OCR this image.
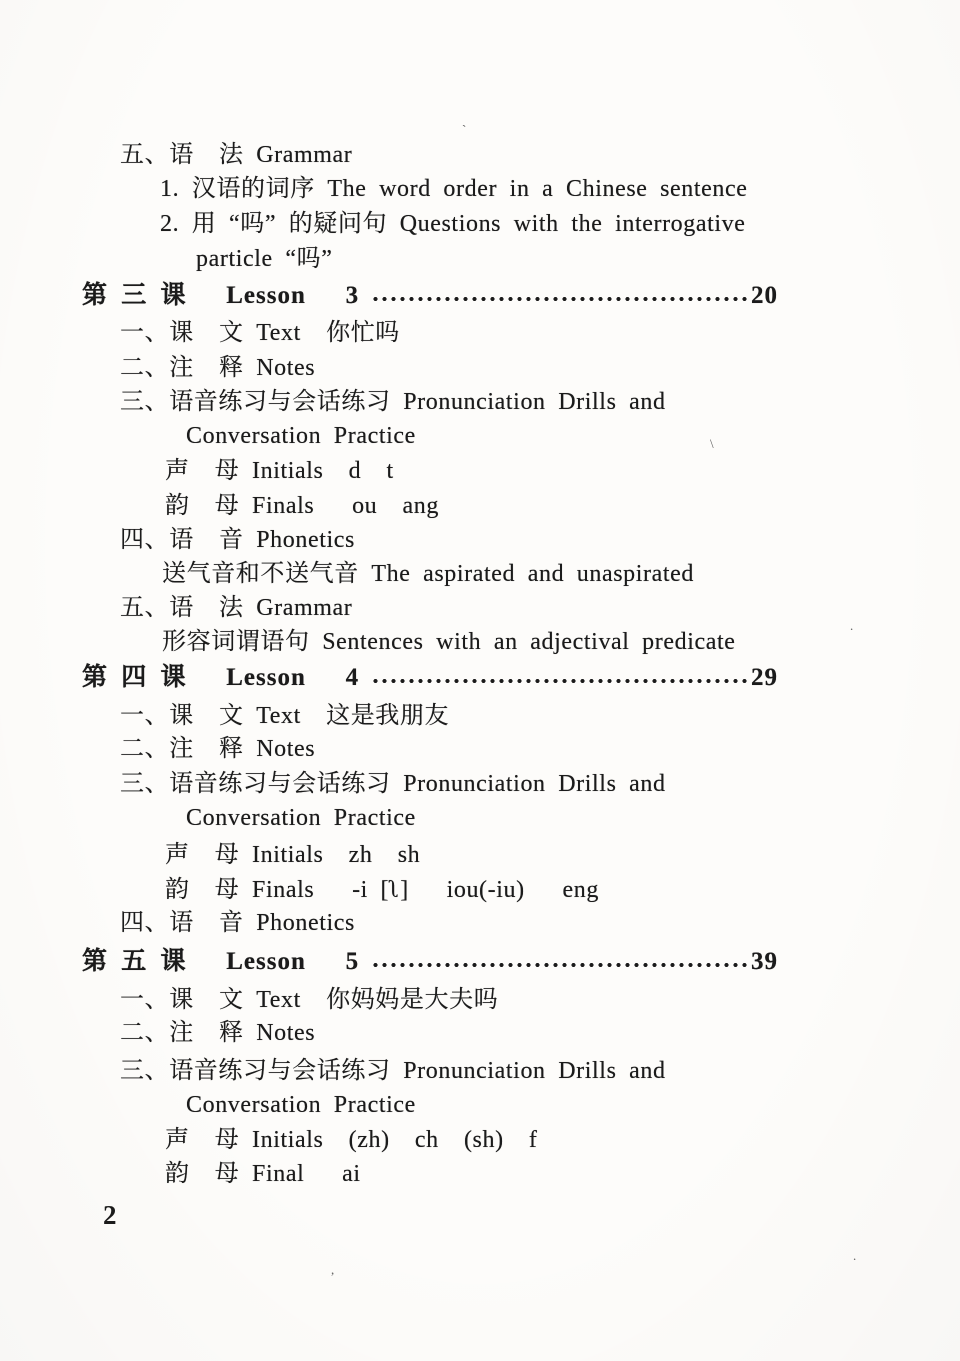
五、语  法 Grammar
1. 汉语的词序 The word order in a Chinese sentence
2. 用 “吗” 的疑问句 Questions with the interrogative
particle “吗”
第 三 课   Lesson   3	20
一、课  文 Text  你忙吗
二、注  释 Notes
三、语音练习与会话练习 Pronunciation Drills and
Conversation Practice
声  母 Initials  d  t
韵  母 Finals   ou  ang
四、语  音 Phonetics
送气音和不送气音 The aspirated and unaspirated
五、语  法 Grammar
形容词谓语句 Sentences with an adjectival predicate
第 四 课   Lesson   4	29
一、课  文 Text  这是我朋友
二、注  释 Notes
三、语音练习与会话练习 Pronunciation Drills and
Conversation Practice
声  母 Initials  zh  sh
韵  母 Finals   -i [ʅ]   iou(-iu)   eng
四、语  音 Phonetics
第 五 课   Lesson   5	39
一、课  文 Text  你妈妈是大夫吗
二、注  释 Notes
三、语音练习与会话练习 Pronunciation Drills and
Conversation Practice
声  母 Initials  (zh)  ch  (sh)  f
韵  母 Final   ai
2
`
\
.
.
,
